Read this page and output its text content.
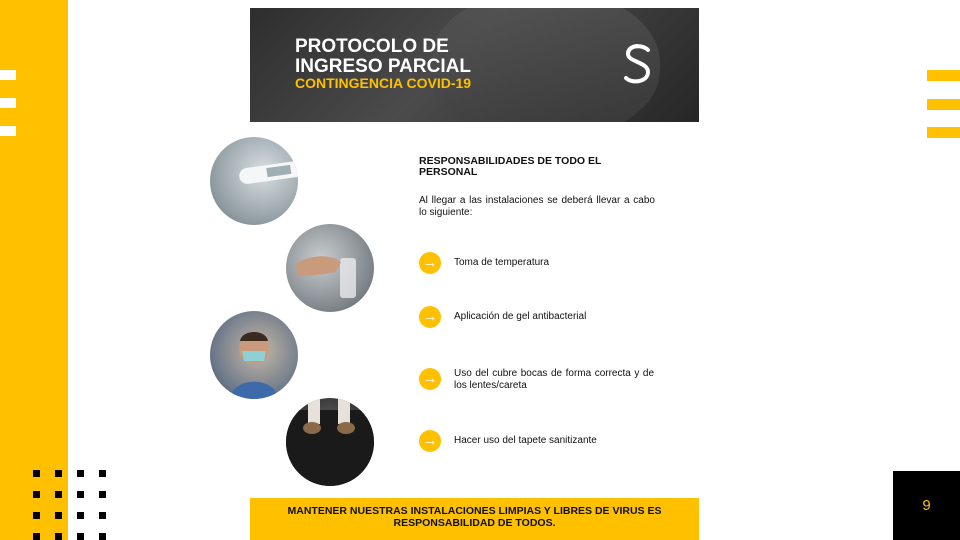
9
PROTOCOLO DE
INGRESO PARCIAL
CONTINGENCIA COVID-19
RESPONSABILIDADES DE TODO EL PERSONAL
Al llegar a las instalaciones se deberá llevar a cabo lo siguiente:
→	Toma de temperatura
→	Aplicación de gel antibacterial
→	Uso del cubre bocas de forma correcta y de los lentes/careta
→	Hacer uso del tapete sanitizante
MANTENER NUESTRAS INSTALACIONES LIMPIAS Y LIBRES DE VIRUS ES RESPONSABILIDAD DE TODOS.
